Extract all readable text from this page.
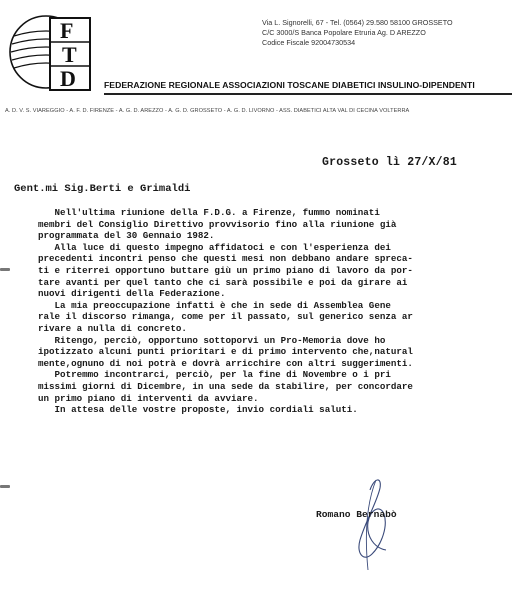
F
T
D
Via L. Signorelli, 67 - Tel. (0564) 29.580 58100 GROSSETO
C/C 3000/S Banca Popolare Etruria Ag. D AREZZO
Codice Fiscale 92004730534
FEDERAZIONE REGIONALE ASSOCIAZIONI TOSCANE DIABETICI INSULINO-DIPENDENTI
A. D. V. S. VIAREGGIO - A. F. D. FIRENZE - A. G. D. AREZZO - A. G. D. GROSSETO - A. G. D. LIVORNO - ASS. DIABETICI ALTA VAL DI CECINA VOLTERRA
Grosseto lì 27/X/81
Gent.mi Sig.Berti e Grimaldi
Nell'ultima riunione della F.D.G. a Firenze, fummo nominati
membri del Consiglio Direttivo provvisorio fino alla riunione già
programmata del 30 Gennaio 1982.
Alla luce di questo impegno affidatoci e con l'esperienza dei
precedenti incontri penso che questi mesi non debbano andare spreca-
ti e riterrei opportuno buttare giù un primo piano di lavoro da por-
tare avanti per quel tanto che ci sarà possibile e poi da girare ai
nuovi dirigenti della Federazione.
La mia preoccupazione infatti è che in sede di Assemblea Gene
rale il discorso rimanga, come per il passato, sul generico senza ar
rivare a nulla di concreto.
Ritengo, perciò, opportuno sottoporvi un Pro-Memoria dove ho
ipotizzato alcuni punti prioritari e di primo intervento che,natural
mente,ognuno di noi potrà e dovrà arricchire con altri suggerimenti.
Potremmo incontrarci, perciò, per la fine di Novembre o i pri
missimi giorni di Dicembre, in una sede da stabilire, per concordare
un primo piano di interventi da avviare.
In attesa delle vostre proposte, invio cordiali saluti.
Romano Bernabò
